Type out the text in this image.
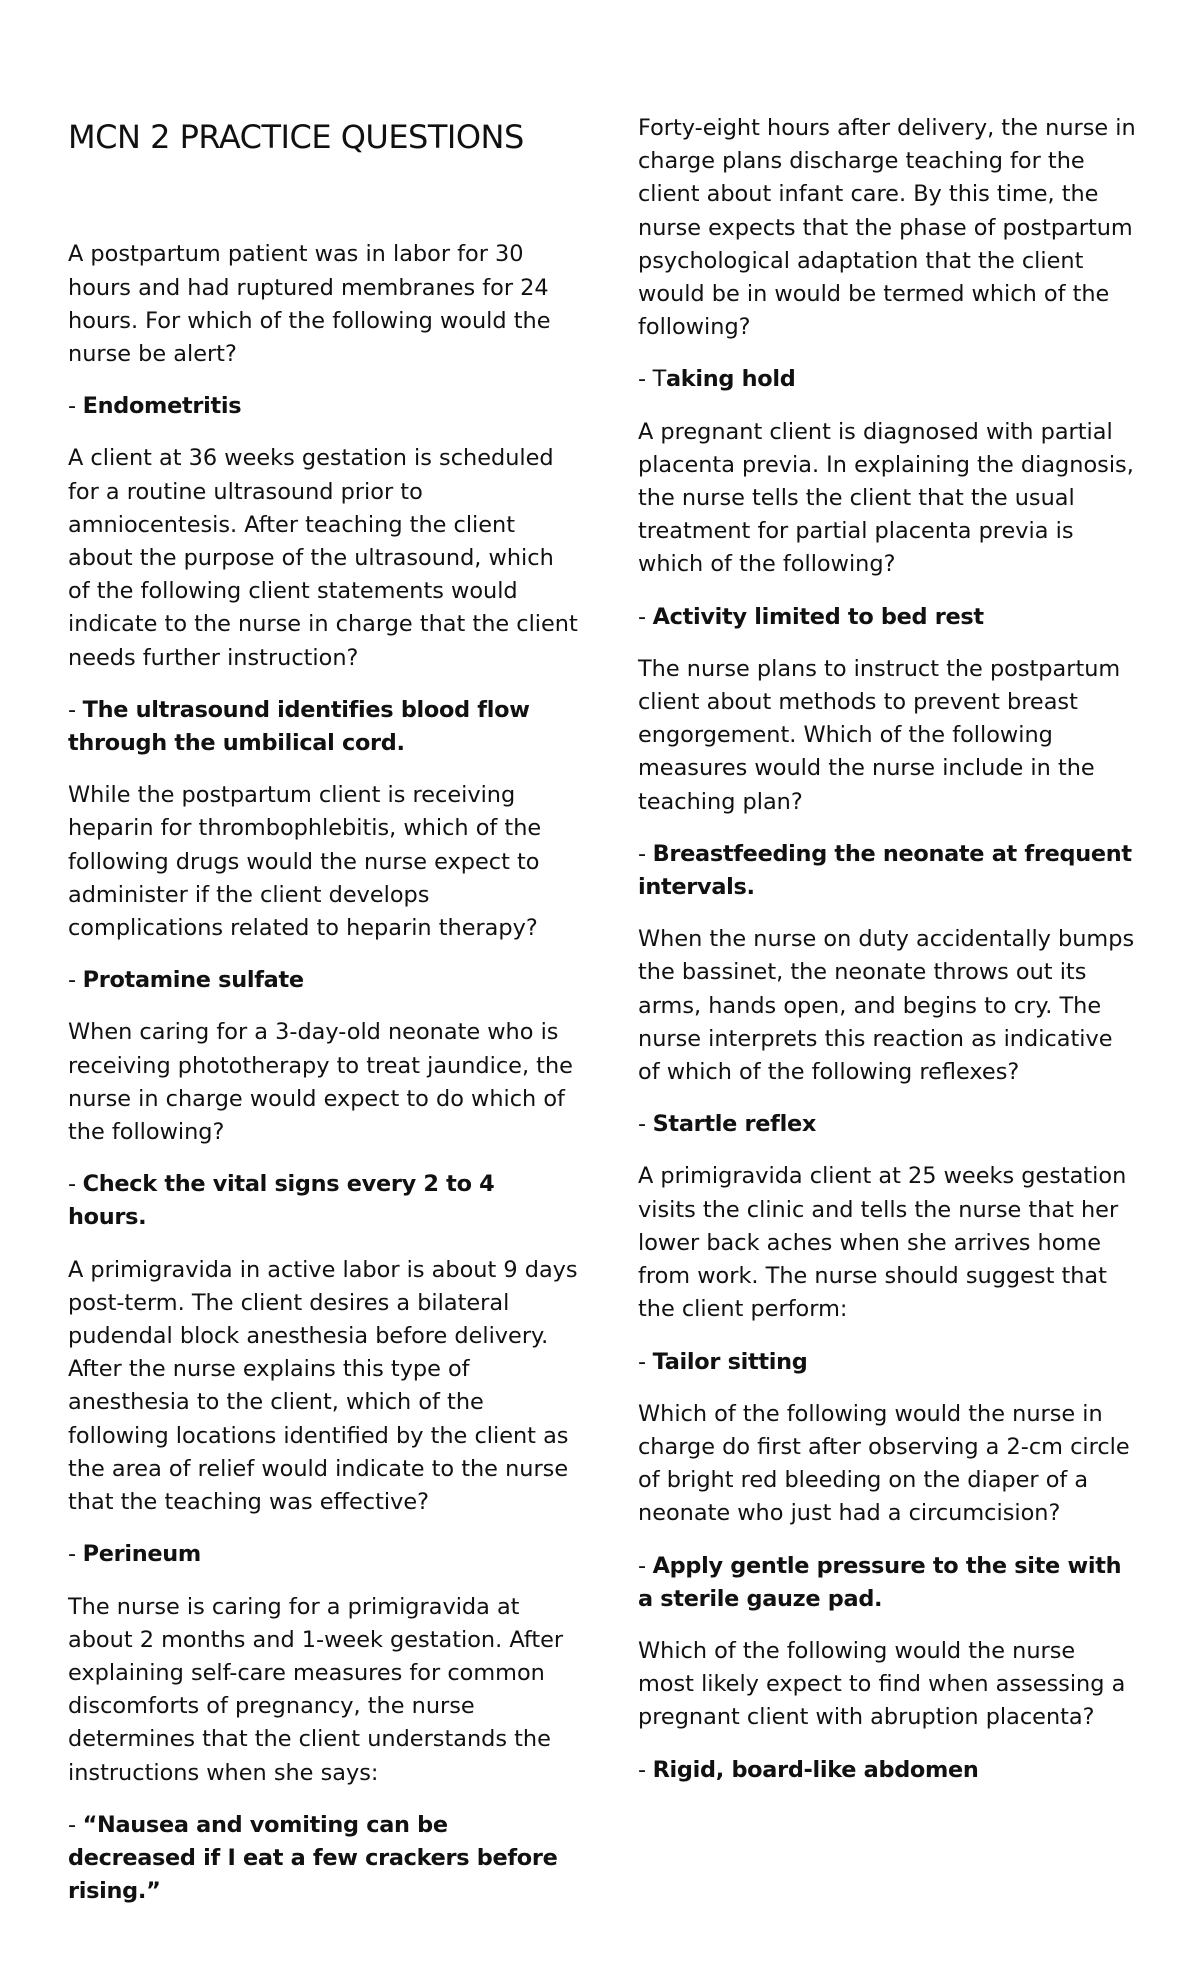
MCN 2 PRACTICE QUESTIONS

A postpartum patient was in labor for 30 hours and had ruptured membranes for 24 hours. For which of the following would the nurse be alert?

- Endometritis

A client at 36 weeks gestation is scheduled for a routine ultrasound prior to amniocentesis. After teaching the client about the purpose of the ultrasound, which of the following client statements would indicate to the nurse in charge that the client needs further instruction?

- The ultrasound identifies blood flow through the umbilical cord.

While the postpartum client is receiving heparin for thrombophlebitis, which of the following drugs would the nurse expect to administer if the client develops complications related to heparin therapy?

- Protamine sulfate

When caring for a 3-day-old neonate who is receiving phototherapy to treat jaundice, the nurse in charge would expect to do which of the following?

- Check the vital signs every 2 to 4 hours.

A primigravida in active labor is about 9 days post-term. The client desires a bilateral pudendal block anesthesia before delivery. After the nurse explains this type of anesthesia to the client, which of the following locations identified by the client as the area of relief would indicate to the nurse that the teaching was effective?

- Perineum

The nurse is caring for a primigravida at about 2 months and 1-week gestation. After explaining self-care measures for common discomforts of pregnancy, the nurse determines that the client understands the instructions when she says:

- “Nausea and vomiting can be decreased if I eat a few crackers before rising.”

Forty-eight hours after delivery, the nurse in charge plans discharge teaching for the client about infant care. By this time, the nurse expects that the phase of postpartum psychological adaptation that the client would be in would be termed which of the following?

- Taking hold

A pregnant client is diagnosed with partial placenta previa. In explaining the diagnosis, the nurse tells the client that the usual treatment for partial placenta previa is which of the following?

- Activity limited to bed rest

The nurse plans to instruct the postpartum client about methods to prevent breast engorgement. Which of the following measures would the nurse include in the teaching plan?

- Breastfeeding the neonate at frequent intervals.

When the nurse on duty accidentally bumps the bassinet, the neonate throws out its arms, hands open, and begins to cry. The nurse interprets this reaction as indicative of which of the following reflexes?

- Startle reflex

A primigravida client at 25 weeks gestation visits the clinic and tells the nurse that her lower back aches when she arrives home from work. The nurse should suggest that the client perform:

- Tailor sitting

Which of the following would the nurse in charge do first after observing a 2-cm circle of bright red bleeding on the diaper of a neonate who just had a circumcision?

- Apply gentle pressure to the site with a sterile gauze pad.

Which of the following would the nurse most likely expect to find when assessing a pregnant client with abruption placenta?

- Rigid, board-like abdomen
